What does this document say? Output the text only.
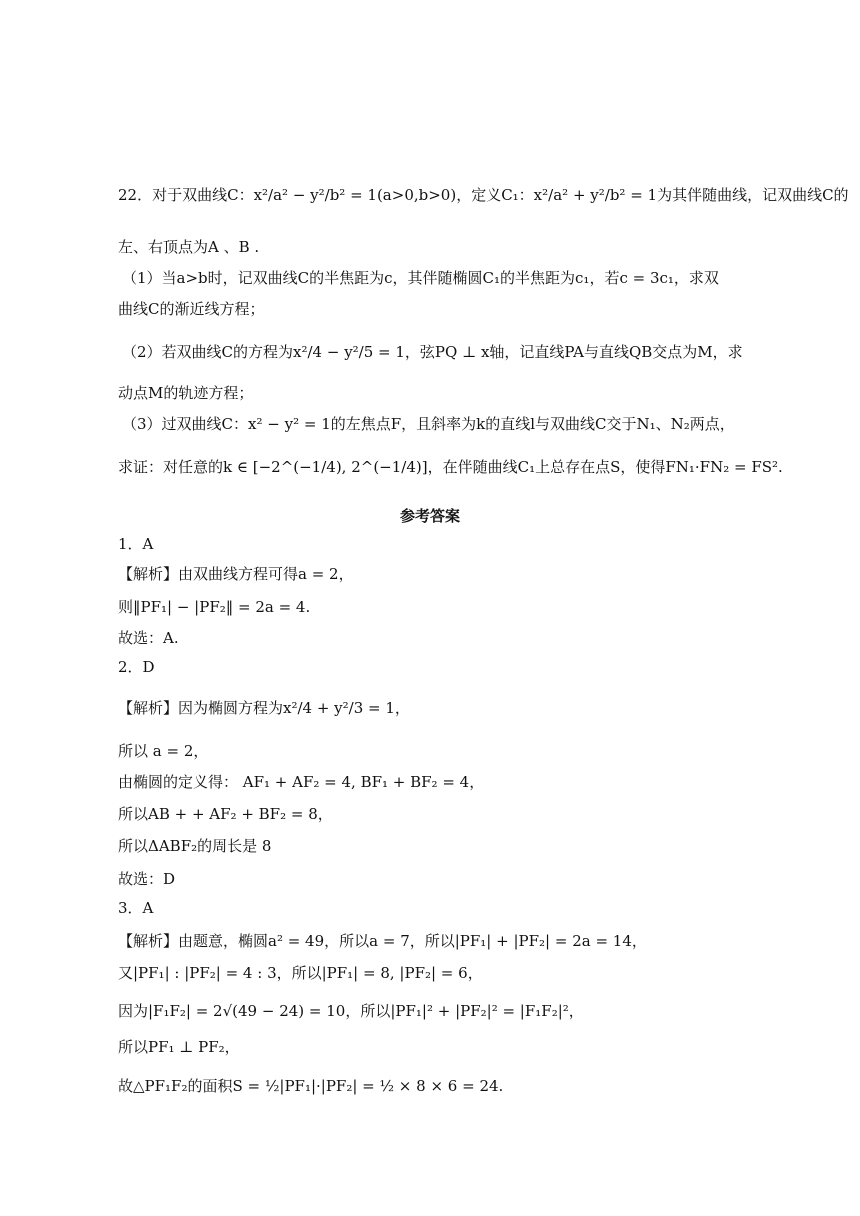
22．对于双曲线C：x²/a² − y²/b² = 1(a>0,b>0)，定义C₁：x²/a² + y²/b² = 1为其伴随曲线，记双曲线C的
左、右顶点为A 、B .
（1）当a>b时，记双曲线C的半焦距为c，其伴随椭圆C₁的半焦距为c₁，若c = 3c₁，求双
曲线C的渐近线方程；
（2）若双曲线C的方程为x²/4 − y²/5 = 1，弦PQ ⊥ x轴，记直线PA与直线QB交点为M，求
动点M的轨迹方程；
（3）过双曲线C：x² − y² = 1的左焦点F，且斜率为k的直线l与双曲线C交于N₁、N₂两点，
求证：对任意的k ∈ [−2^(−1/4), 2^(−1/4)]，在伴随曲线C₁上总存在点S，使得FN₁·FN₂ = FS².
参考答案
1．A
【解析】由双曲线方程可得a = 2，
则‖PF₁| − |PF₂‖ = 2a = 4.
故选：A.
2．D
【解析】因为椭圆方程为x²/4 + y²/3 = 1，
所以 a = 2，
由椭圆的定义得： AF₁ + AF₂ = 4, BF₁ + BF₂ = 4，
所以AB + + AF₂ + BF₂ = 8，
所以ΔABF₂的周长是 8
故选：D
3．A
【解析】由题意，椭圆a² = 49，所以a = 7，所以|PF₁| + |PF₂| = 2a = 14，
又|PF₁| : |PF₂| = 4 : 3，所以|PF₁| = 8, |PF₂| = 6，
因为|F₁F₂| = 2√(49 − 24) = 10，所以|PF₁|² + |PF₂|² = |F₁F₂|²，
所以PF₁ ⊥ PF₂，
故△PF₁F₂的面积S = ½|PF₁|·|PF₂| = ½ × 8 × 6 = 24.
